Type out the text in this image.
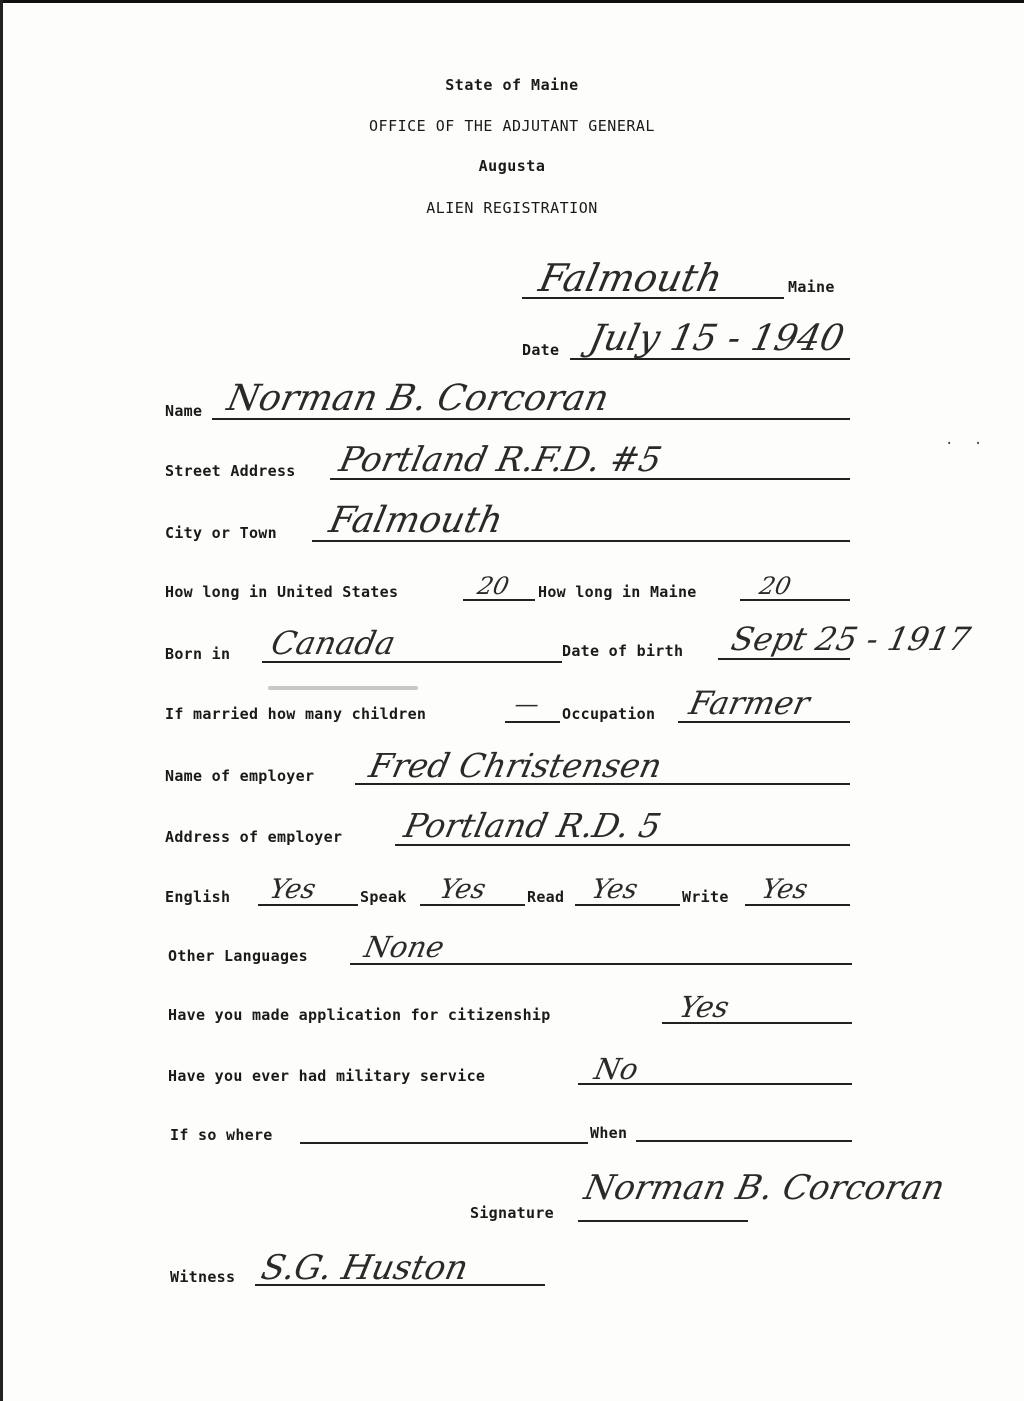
State of Maine
OFFICE OF THE ADJUTANT GENERAL
Augusta
ALIEN REGISTRATION
Falmouth	Maine
Date July 15 - 1940
Name Norman B. Corcoran
Street Address Portland R.F.D. #5
City or Town Falmouth
How long in United States	20 How long in Maine	20
Born in Canada	Date of birth Sept 25 - 1917
If married how many children	— Occupation Farmer
Name of employer Fred Christensen
Address of employer Portland R.D. 5
English Yes	Speak Yes	Read Yes	Write Yes
Other Languages None
Have you made application for citizenship	Yes
Have you ever had military service	No
If so where	When
Signature
Norman B. Corcoran
Witness S.G. Huston
· ·
